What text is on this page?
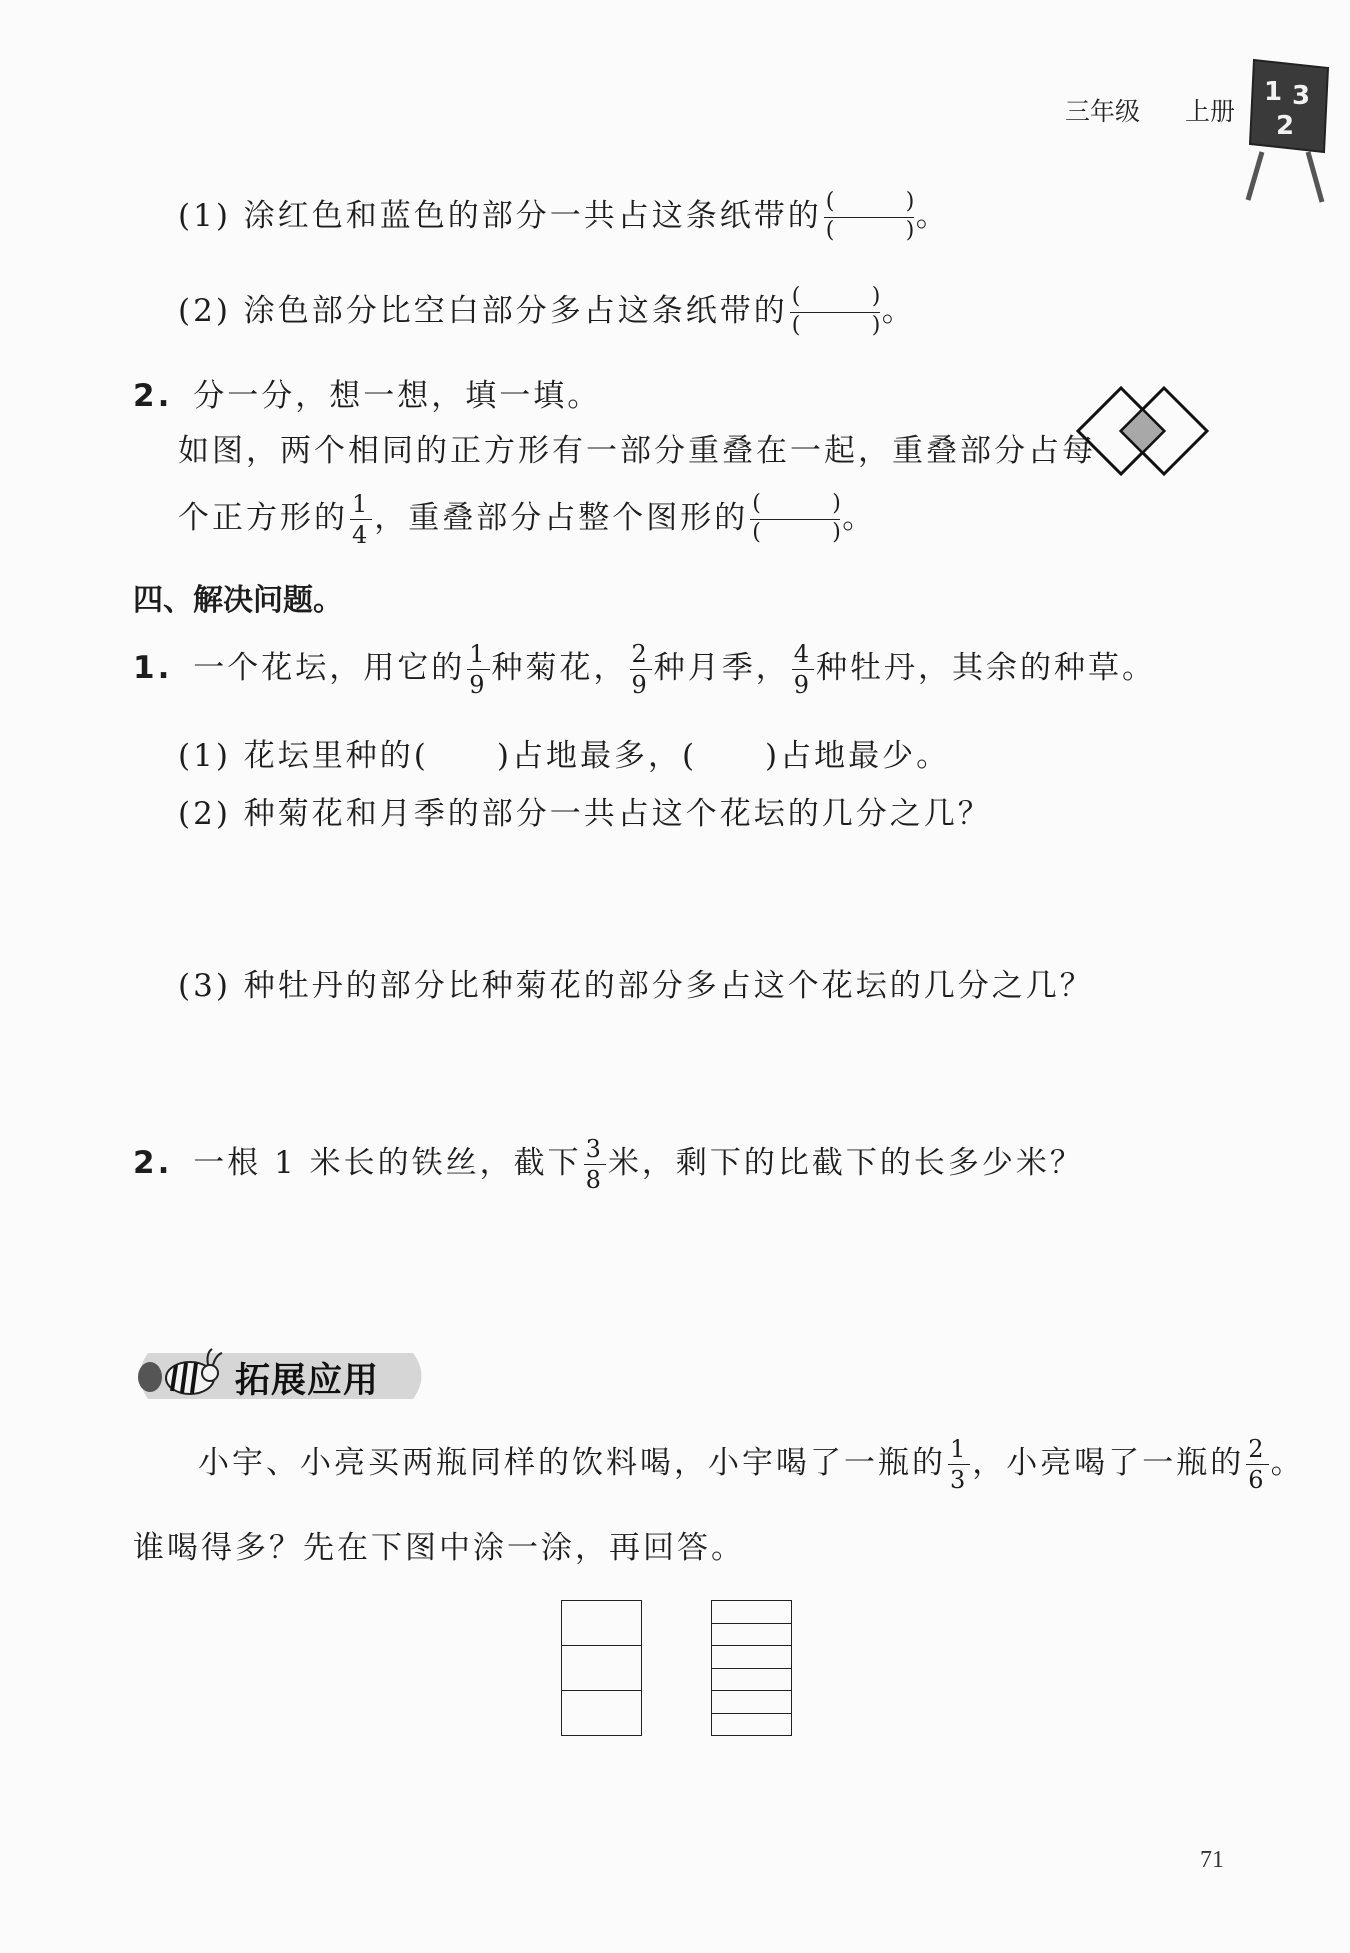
三年级 上册
1 3
2
(1) 涂红色和蓝色的部分一共占这条纸带的 (	)
(	) 。
(2) 涂色部分比空白部分多占这条纸带的 (	)
(	) 。
2. 分一分，想一想，填一填。
如图，两个相同的正方形有一部分重叠在一起，重叠部分占每
个正方形的 $\frac{1}{4}$ ，重叠部分占整个图形的 (	)
(	) 。
四、解决问题。
1. 一个花坛，用它的 $\frac{1}{9}$ 种菊花， $\frac{2}{9}$ 种月季， $\frac{4}{9}$ 种牡丹，其余的种草。
(1) 花坛里种的(　　)占地最多，(　　)占地最少。
(2) 种菊花和月季的部分一共占这个花坛的几分之几？
(3) 种牡丹的部分比种菊花的部分多占这个花坛的几分之几？
2. 一根 1 米长的铁丝，截下 $\frac{3}{8}$ 米，剩下的比截下的长多少米？
拓展应用
小宇、小亮买两瓶同样的饮料喝，小宇喝了一瓶的 $\frac{1}{3}$ ，小亮喝了一瓶的 $\frac{2}{6}$ 。
谁喝得多？先在下图中涂一涂，再回答。
71
